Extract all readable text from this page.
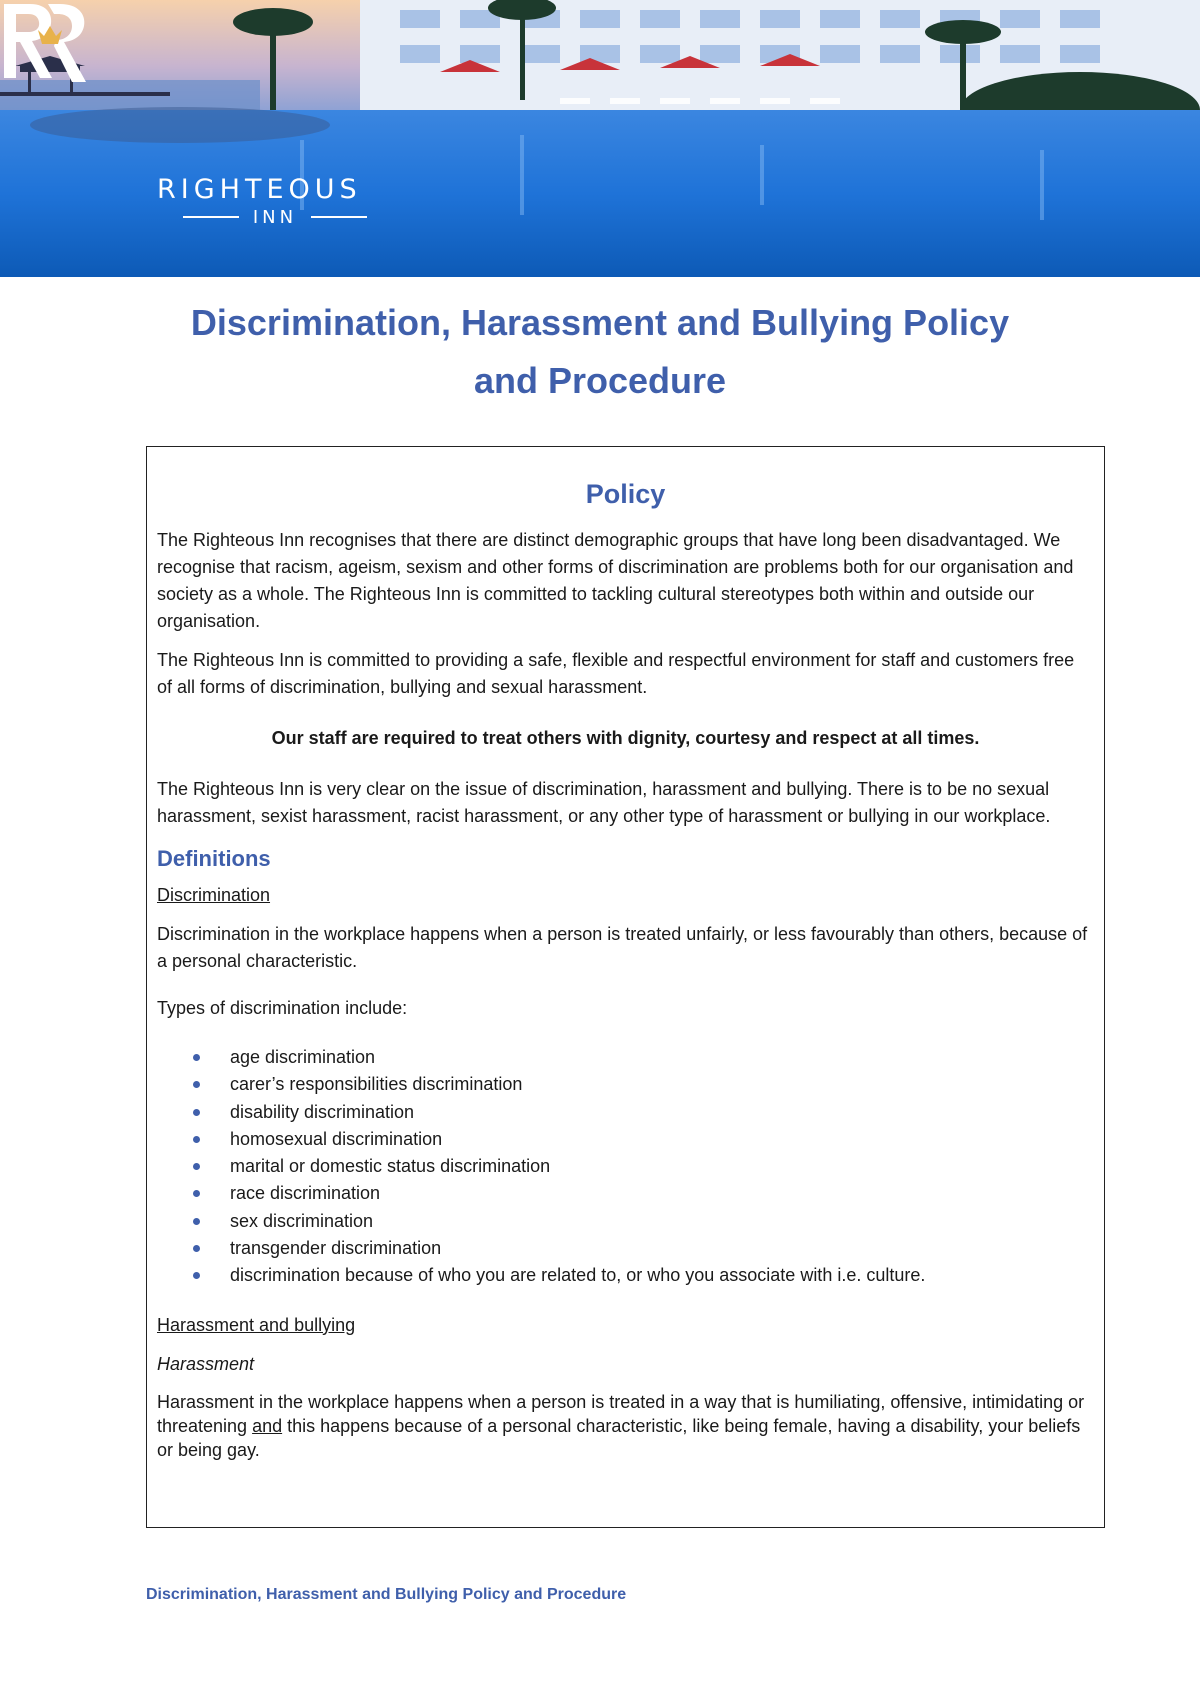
RIGHTEOUS
INN
Discrimination, Harassment and Bullying Policy
and Procedure
Policy

The Righteous Inn recognises that there are distinct demographic groups that have long been disadvantaged. We recognise that racism, ageism, sexism and other forms of discrimination are problems both for our organisation and society as a whole. The Righteous Inn is committed to tackling cultural stereotypes both within and outside our organisation.

The Righteous Inn is committed to providing a safe, flexible and respectful environment for staff and customers free of all forms of discrimination, bullying and sexual harassment.

Our staff are required to treat others with dignity, courtesy and respect at all times.

The Righteous Inn is very clear on the issue of discrimination, harassment and bullying. There is to be no sexual harassment, sexist harassment, racist harassment, or any other type of harassment or bullying in our workplace.

Definitions
Discrimination

Discrimination in the workplace happens when a person is treated unfairly, or less favourably than others, because of a personal characteristic.

Types of discrimination include:

age discrimination
carer’s responsibilities discrimination
disability discrimination
homosexual discrimination
marital or domestic status discrimination
race discrimination
sex discrimination
transgender discrimination
discrimination because of who you are related to, or who you associate with i.e. culture.
Harassment and bullying
Harassment

Harassment in the workplace happens when a person is treated in a way that is humiliating, offensive, intimidating or threatening and this happens because of a personal characteristic, like being female, having a disability, your beliefs or being gay.

Discrimination, Harassment and Bullying Policy and Procedure
